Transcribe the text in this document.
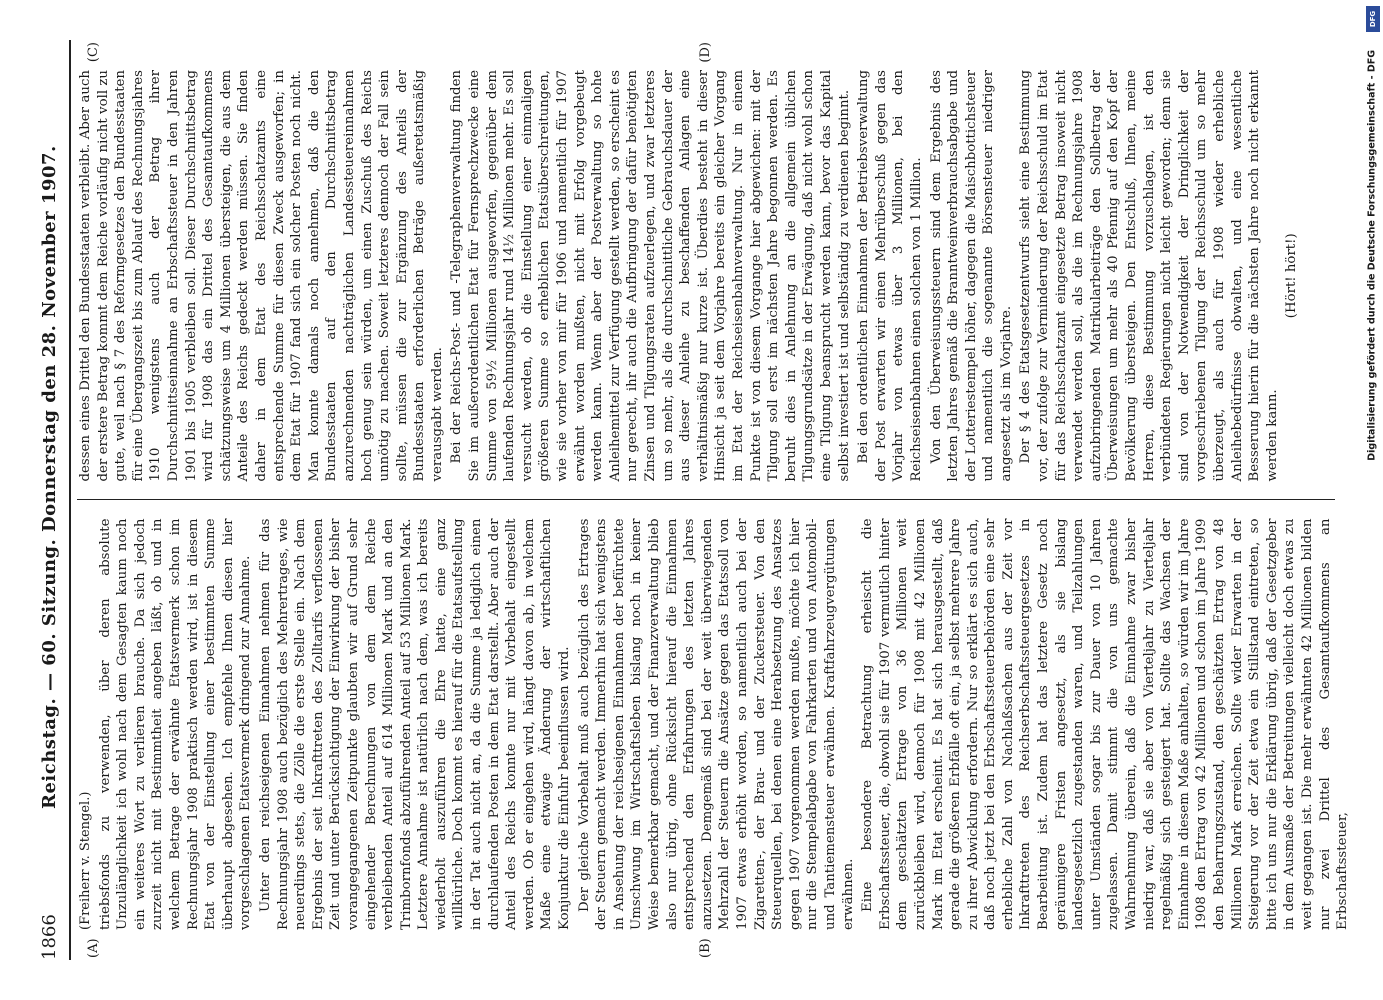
1866
Reichstag. — 60. Sitzung. Donnerstag den 28. November 1907.
(A)	(B)
(Freiherr v. Stengel.) triebsfonds zu verwenden, über deren absolute Unzulänglichkeit ich wohl nach dem Gesagten kaum noch ein weiteres Wort zu verlieren brauche. Da sich jedoch zurzeit nicht mit Bestimmtheit angeben läßt, ob und in welchem Betrage der erwähnte Etatsvermerk schon im Rechnungsjahr 1908 praktisch werden wird, ist in diesem Etat von der Einstellung einer bestimmten Summe überhaupt abgesehen. Ich empfehle Ihnen diesen hier vorgeschlagenen Etatsvermerk dringend zur Annahme. Unter den reichseigenen Einnahmen nehmen für das Rechnungsjahr 1908 auch bezüglich des Mehrertrages, wie neuerdings stets, die Zölle die erste Stelle ein. Nach dem Ergebnis der seit Inkrafttreten des Zolltarifs verflossenen Zeit und unter Berücksichtigung der Einwirkung der bisher vorangegangenen Zeitpunkte glaubten wir auf Grund sehr eingehender Berechnungen von dem dem Reiche verbleibenden Anteil auf 614 Millionen Mark und an den Trimbornfonds abzuführenden Anteil auf 53 Millionen Mark. Letztere Annahme ist natürlich nach dem, was ich bereits wiederholt auszuführen die Ehre hatte, eine ganz willkürliche. Doch kommt es hierauf für die Etatsaufstellung in der Tat auch nicht an, da die Summe ja lediglich einen durchlaufenden Posten in dem Etat darstellt. Aber auch der Anteil des Reichs konnte nur mit Vorbehalt eingestellt werden. Ob er eingehen wird, hängt davon ab, in welchem Maße eine etwaige Änderung der wirtschaftlichen Konjunktur die Einfuhr beeinflussen wird. Der gleiche Vorbehalt muß auch bezüglich des Ertrages der Steuern gemacht werden. Immerhin hat sich wenigstens in Ansehung der reichseigenen Einnahmen der befürchtete Umschwung im Wirtschaftsleben bislang noch in keiner Weise bemerkbar gemacht, und der Finanzverwaltung blieb also nur übrig, ohne Rücksicht hierauf die Einnahmen entsprechend den Erfahrungen des letzten Jahres anzusetzen. Demgemäß sind bei der weit überwiegenden Mehrzahl der Steuern die Ansätze gegen das Etatssoll von 1907 etwas erhöht worden, so namentlich auch bei der Zigaretten-, der Brau- und der Zuckersteuer. Von den Steuerquellen, bei denen eine Herabsetzung des Ansatzes gegen 1907 vorgenommen werden mußte, möchte ich hier nur die Stempelabgabe von Fahrkarten und von Automobil- und Tantiemensteuer erwähnen. Kraftfahrzeugvergütungen erwähnen. Eine besondere Betrachtung erheischt die Erbschaftssteuer, die, obwohl sie für 1907 vermutlich hinter dem geschätzten Ertrage von 36 Millionen weit zurückbleiben wird, dennoch für 1908 mit 42 Millionen Mark im Etat erscheint. Es hat sich herausgestellt, daß gerade die größeren Erbfälle oft ein, ja selbst mehrere Jahre zu ihrer Abwicklung erfordern. Nur so erklärt es sich auch, daß noch jetzt bei den Erbschaftssteuerbehörden eine sehr erhebliche Zahl von Nachlaßsachen aus der Zeit vor Inkrafttreten des Reichserbschaftssteuergesetzes in Bearbeitung ist. Zudem hat das letztere Gesetz noch geräumigere Fristen angesetzt, als sie bislang landesgesetzlich zugestanden waren, und Teilzahlungen unter Umständen sogar bis zur Dauer von 10 Jahren zugelassen. Damit stimmt die von uns gemachte Wahrnehmung überein, daß die Einnahme zwar bisher niedrig war, daß sie aber von Vierteljahr zu Vierteljahr regelmäßig sich gesteigert hat. Sollte das Wachsen der Einnahme in diesem Maße anhalten, so würden wir im Jahre 1908 den Ertrag von 42 Millionen und schon im Jahre 1909 den Beharrungszustand, den geschätzten Ertrag von 48 Millionen Mark erreichen. Sollte wider Erwarten in der Steigerung vor der Zeit etwa ein Stillstand eintreten, so bitte ich uns nur die Erklärung übrig, daß der Gesetzgeber in dem Ausmaße der Betreitungen vielleicht doch etwas zu weit gegangen ist. Die mehr erwähnten 42 Millionen bilden nur zwei Drittel des Gesamtaufkommens an Erbschaftssteuer,

(C)	(D)

dessen eines Drittel den Bundesstaaten verbleibt. Aber auch der erstere Betrag kommt dem Reiche vorläufig nicht voll zu gute, weil nach § 7 des Reformgesetzes den Bundesstaaten für eine Übergangszeit bis zum Ablauf des Rechnungsjahres 1910 wenigstens auch der Betrag ihrer Durchschnittseinnahme an Erbschaftssteuer in den Jahren 1901 bis 1905 verbleiben soll. Dieser Durchschnittsbetrag wird für 1908 das ein Drittel des Gesamtaufkommens schätzungsweise um 4 Millionen übersteigen, die aus dem Anteile des Reichs gedeckt werden müssen. Sie finden daher in dem Etat des Reichsschatzamts eine entsprechende Summe für diesen Zweck ausgeworfen; in dem Etat für 1907 fand sich ein solcher Posten noch nicht. Man konnte damals noch annehmen, daß die den Bundesstaaten auf den Durchschnittsbetrag anzurechnenden nachträglichen Landessteuereinnahmen hoch genug sein würden, um einen Zuschuß des Reichs unnötig zu machen. Soweit letzteres dennoch der Fall sein sollte, müssen die zur Ergänzung des Anteils der Bundesstaaten erforderlichen Beträge außeretatsmäßig verausgabt werden. Bei der Reichs-Post- und -Telegraphenverwaltung finden Sie im außerordentlichen Etat für Fernsprechzwecke eine Summe von 59½ Millionen ausgeworfen, gegenüber dem laufenden Rechnungsjahr rund 14½ Millionen mehr. Es soll versucht werden, ob die Einstellung einer einmaligen größeren Summe so erheblichen Etatsüberschreitungen, wie sie vorher von mir für 1906 und namentlich für 1907 erwähnt worden mußten, nicht mit Erfolg vorgebeugt werden kann. Wenn aber der Postverwaltung so hohe Anleihemittel zur Verfügung gestellt werden, so erscheint es nur gerecht, ihr auch die Aufbringung der dafür benötigten Zinsen und Tilgungsraten aufzuerlegen, und zwar letzteres um so mehr, als die durchschnittliche Gebrauchsdauer der aus dieser Anleihe zu beschaffenden Anlagen eine verhältnismäßig nur kurze ist. Überdies besteht in dieser Hinsicht ja seit dem Vorjahre bereits ein gleicher Vorgang im Etat der Reichseisenbahnverwaltung. Nur in einem Punkte ist von diesem Vorgange hier abgewichen: mit der Tilgung soll erst im nächsten Jahre begonnen werden. Es beruht dies in Anlehnung an die allgemein üblichen Tilgungsgrundsätze in der Erwägung, daß nicht wohl schon eine Tilgung beansprucht werden kann, bevor das Kapital selbst investiert ist und selbständig zu verdienen beginnt. Bei den ordentlichen Einnahmen der Betriebsverwaltung der Post erwarten wir einen Mehrüberschuß gegen das Vorjahr von etwas über 3 Millionen, bei den Reichseisenbahnen einen solchen von 1 Million. Von den Überweisungssteuern sind dem Ergebnis des letzten Jahres gemäß die Branntweinverbrauchsabgabe und der Lotteriestempel höher, dagegen die Maischbottichsteuer und namentlich die sogenannte Börsensteuer niedriger angesetzt als im Vorjahre. Der § 4 des Etatsgesetzentwurfs sieht eine Bestimmung vor, der zufolge zur Verminderung der Reichsschuld im Etat für das Reichsschatzamt eingesetzte Betrag insoweit nicht verwendet werden soll, als die im Rechnungsjahre 1908 aufzubringenden Matrikularbeiträge den Sollbetrag der Überweisungen um mehr als 40 Pfennig auf den Kopf der Bevölkerung übersteigen. Den Entschluß, Ihnen, meine Herren, diese Bestimmung vorzuschlagen, ist den verbündeten Regierungen nicht leicht geworden; denn sie sind von der Notwendigkeit der Dringlichkeit der vorgeschriebenen Tilgung der Reichsschuld um so mehr überzeugt, als auch für 1908 wieder erhebliche Anleihebedürfnisse obwalten, und eine wesentliche Besserung hierin für die nächsten Jahre noch nicht erkannt werden kann.

(Hört! hört!)	Digitalisierung gefördert durch die Deutsche Forschungsgemeinschaft - DFG
DFG
